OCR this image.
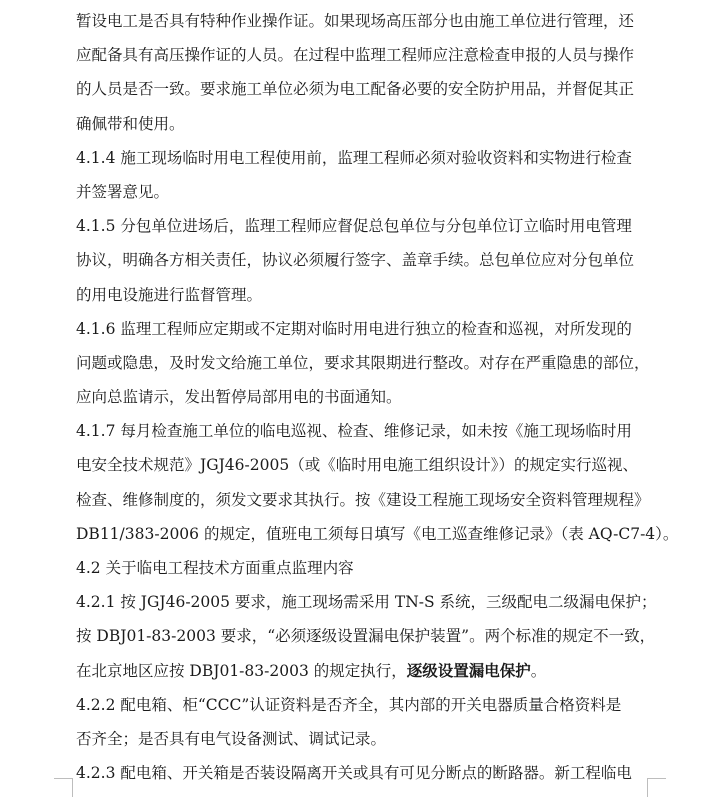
暂设电工是否具有特种作业操作证。如果现场高压部分也由施工单位进行管理，还
应配备具有高压操作证的人员。在过程中监理工程师应注意检查申报的人员与操作
的人员是否一致。要求施工单位必须为电工配备必要的安全防护用品，并督促其正
确佩带和使用。
4.1.4 施工现场临时用电工程使用前，监理工程师必须对验收资料和实物进行检查
并签署意见。
4.1.5 分包单位进场后，监理工程师应督促总包单位与分包单位订立临时用电管理
协议，明确各方相关责任，协议必须履行签字、盖章手续。总包单位应对分包单位
的用电设施进行监督管理。
4.1.6 监理工程师应定期或不定期对临时用电进行独立的检查和巡视，对所发现的
问题或隐患，及时发文给施工单位，要求其限期进行整改。对存在严重隐患的部位，
应向总监请示，发出暂停局部用电的书面通知。
4.1.7 每月检查施工单位的临电巡视、检查、维修记录，如未按《施工现场临时用
电安全技术规范》JGJ46-2005（或《临时用电施工组织设计》）的规定实行巡视、
检查、维修制度的，须发文要求其执行。按《建设工程施工现场安全资料管理规程》
DB11/383-2006 的规定，值班电工须每日填写《电工巡查维修记录》（表 AQ-C7-4）。
4.2 关于临电工程技术方面重点监理内容
4.2.1 按 JGJ46-2005 要求，施工现场需采用 TN-S 系统，三级配电二级漏电保护；
按 DBJ01-83-2003 要求，“必须逐级设置漏电保护装置”。两个标准的规定不一致，
在北京地区应按 DBJ01-83-2003 的规定执行，逐级设置漏电保护。
4.2.2 配电箱、柜“CCC”认证资料是否齐全，其内部的开关电器质量合格资料是
否齐全；是否具有电气设备测试、调试记录。
4.2.3 配电箱、开关箱是否装设隔离开关或具有可见分断点的断路器。新工程临电
